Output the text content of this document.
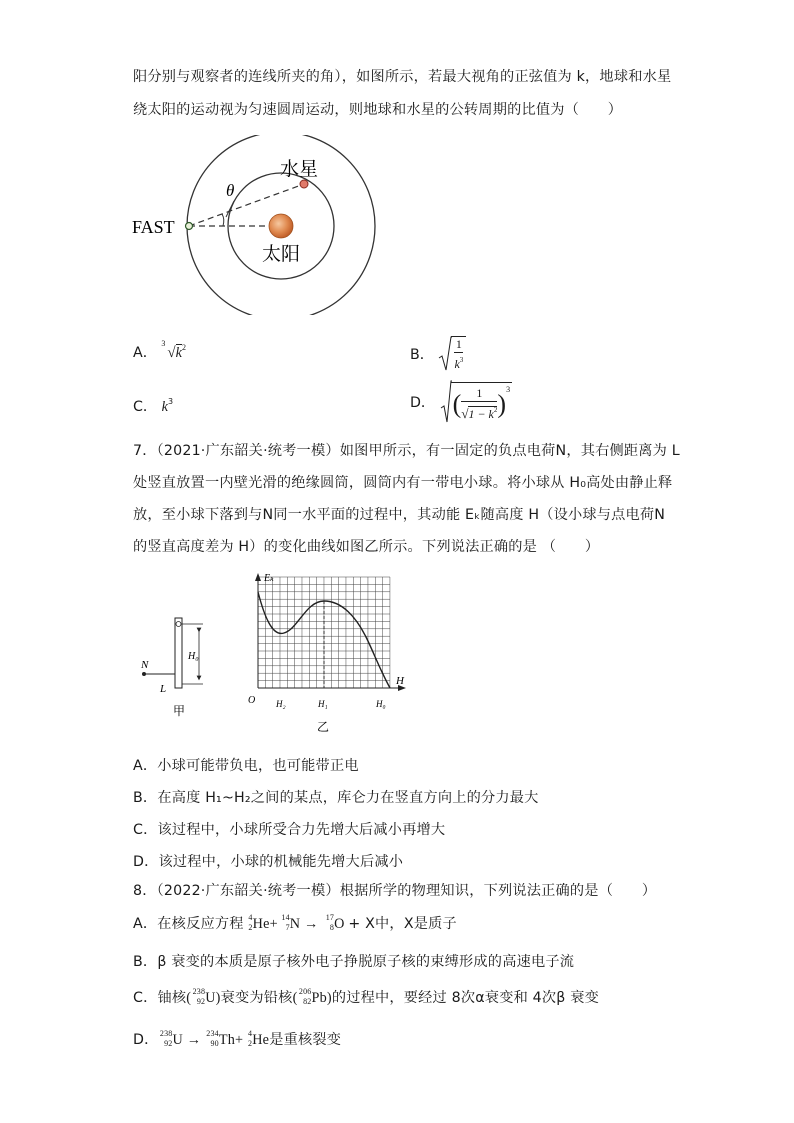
阳分别与观察者的连线所夹的角），如图所示，若最大视角的正弦值为 k，地球和水星
绕太阳的运动视为匀速圆周运动，则地球和水星的公转周期的比值为（　　）
θ
水星
FAST
太阳
A．
3
$√k^2$	B． $\frac{1}{k^3}$
C． $k^3$	D． ( $\frac{1}{√1 - k^2} )^3$
7．（2021·广东韶关·统考一模）如图甲所示，有一固定的负点电荷N，其右侧距离为 L
处竖直放置一内壁光滑的绝缘圆筒，圆筒内有一带电小球。将小球从 H₀高处由静止释
放，至小球下落到与N同一水平面的过程中，其动能 Eₖ随高度 H（设小球与点电荷N
的竖直高度差为 H）的变化曲线如图乙所示。下列说法正确的是 （　　）
N
L
H₀
甲
Eₖ
H
O H₂	H₁	H₀
乙
A．小球可能带负电，也可能带正电
B．在高度 H₁~H₂之间的某点，库仑力在竖直方向上的分力最大
C．该过程中，小球所受合力先增大后减小再增大
D．该过程中，小球的机械能先增大后减小
8．（2022·广东韶关·统考一模）根据所学的物理知识，下列说法正确的是（　　）
A．在核反应方程 4
2 He+ 14
7 N → 17
8 O + X中，X是质子
B．β 衰变的本质是原子核外电子挣脱原子核的束缚形成的高速电子流
C．铀核( 238
92 U)衰变为铅核( 206
82 Pb)的过程中，要经过 8次α衰变和 4次β 衰变
D． 238
92 U → 234
90 Th+ 4
2 He是重核裂变
